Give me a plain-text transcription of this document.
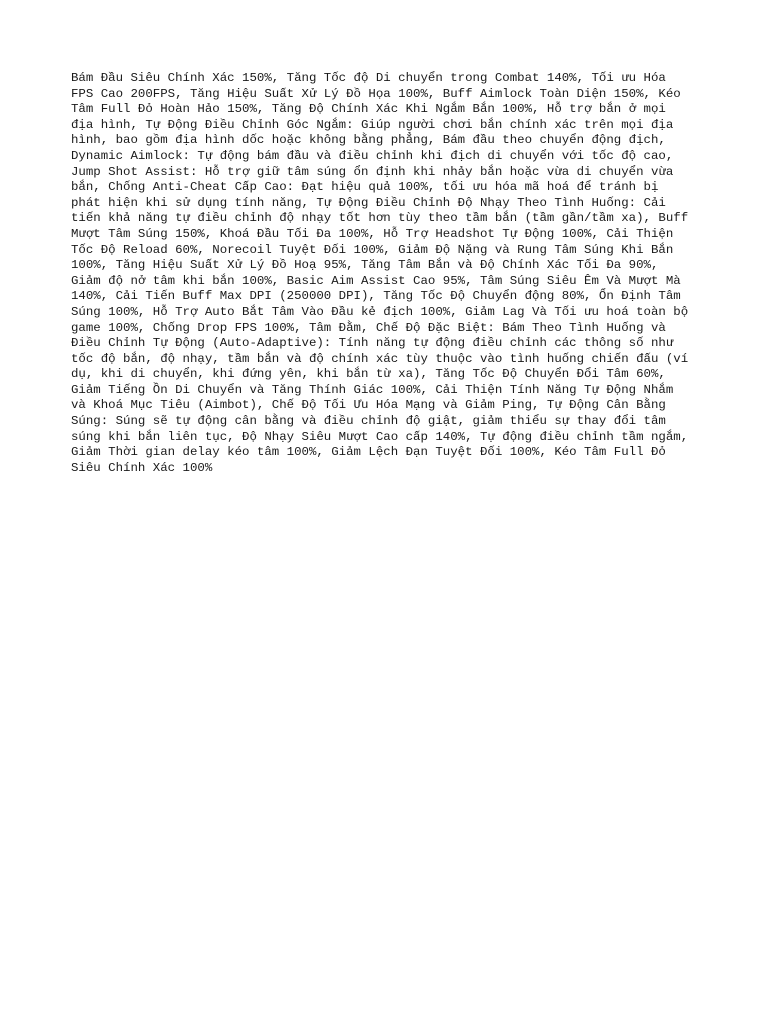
Bám Đầu Siêu Chính Xác 150%, Tăng Tốc độ Di chuyển trong Combat 140%, Tối ưu Hóa
FPS Cao 200FPS, Tăng Hiệu Suất Xử Lý Đồ Họa 100%, Buff Aimlock Toàn Diện 150%, Kéo
Tâm Full Đỏ Hoàn Hảo 150%, Tăng Độ Chính Xác Khi Ngắm Bắn 100%, Hỗ trợ bắn ở mọi
địa hình, Tự Động Điều Chỉnh Góc Ngắm: Giúp người chơi bắn chính xác trên mọi địa
hình, bao gồm địa hình dốc hoặc không bằng phẳng, Bám đầu theo chuyển động địch,
Dynamic Aimlock: Tự động bám đầu và điều chỉnh khi địch di chuyển với tốc độ cao,
Jump Shot Assist: Hỗ trợ giữ tâm súng ổn định khi nhảy bắn hoặc vừa di chuyển vừa
bắn, Chống Anti-Cheat Cấp Cao: Đạt hiệu quả 100%, tối ưu hóa mã hoá để tránh bị
phát hiện khi sử dụng tính năng, Tự Động Điều Chỉnh Độ Nhạy Theo Tình Huống: Cải
tiến khả năng tự điều chỉnh độ nhạy tốt hơn tùy theo tầm bắn (tầm gần/tầm xa), Buff
Mượt Tâm Súng 150%, Khoá Đầu Tối Đa 100%, Hỗ Trợ Headshot Tự Động 100%, Cải Thiện
Tốc Độ Reload 60%, Norecoil Tuyệt Đối 100%, Giảm Độ Nặng và Rung Tâm Súng Khi Bắn
100%, Tăng Hiệu Suất Xử Lý Đồ Hoạ 95%, Tăng Tâm Bắn và Độ Chính Xác Tối Đa 90%,
Giảm độ nở tâm khi bắn 100%, Basic Aim Assist Cao 95%, Tâm Súng Siêu Êm Và Mượt Mà
140%, Cải Tiến Buff Max DPI (250000 DPI), Tăng Tốc Độ Chuyển động 80%, Ổn Định Tâm
Súng 100%, Hỗ Trợ Auto Bắt Tâm Vào Đầu kẻ địch 100%, Giảm Lag Và Tối ưu hoá toàn bộ
game 100%, Chống Drop FPS 100%, Tâm Đằm, Chế Độ Đặc Biệt: Bám Theo Tình Huống và
Điều Chỉnh Tự Động (Auto-Adaptive): Tính năng tự động điều chỉnh các thông số như
tốc độ bắn, độ nhạy, tầm bắn và độ chính xác tùy thuộc vào tình huống chiến đấu (ví
dụ, khi di chuyển, khi đứng yên, khi bắn từ xa), Tăng Tốc Độ Chuyển Đổi Tâm 60%,
Giảm Tiếng Ồn Di Chuyển và Tăng Thính Giác 100%, Cải Thiện Tính Năng Tự Động Nhắm
và Khoá Mục Tiêu (Aimbot), Chế Độ Tối Ưu Hóa Mạng và Giảm Ping, Tự Động Cân Bằng
Súng: Súng sẽ tự động cân bằng và điều chỉnh độ giật, giảm thiểu sự thay đổi tâm
súng khi bắn liên tục, Độ Nhạy Siêu Mượt Cao cấp 140%, Tự động điều chỉnh tầm ngắm,
Giảm Thời gian delay kéo tâm 100%, Giảm Lệch Đạn Tuyệt Đối 100%, Kéo Tâm Full Đỏ
Siêu Chính Xác 100%
